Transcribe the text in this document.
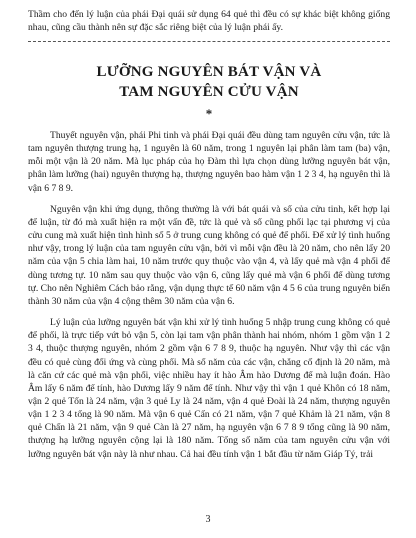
Thầm cho đến lý luận của phái Đại quái sử dụng 64 quẻ thì đều có sự khác biệt không giống nhau, cũng cầu thành nên sự đặc sắc riêng biệt của lý luận phái ấy.

LƯỠNG NGUYÊN BÁT VẬN VÀ
TAM NGUYÊN CỬU VẬN
*

Thuyết nguyên vận, phái Phi tinh và phái Đại quái đều dùng tam nguyên cửu vận, tức là tam nguyên thượng trung hạ, 1 nguyên là 60 năm, trong 1 nguyên lại phân làm tam (ba) vận, mỗi một vận là 20 năm. Mà lục pháp của họ Đàm thì lựa chọn dùng lưỡng nguyên bát vận, phân làm lưỡng (hai) nguyên thượng hạ, thượng nguyên bao hàm vận 1 2 3 4, hạ nguyên thì là vận 6 7 8 9.

Nguyên vận khi ứng dụng, thông thường là với bát quái và số của cửu tinh, kết hợp lại để luận, từ đó mà xuất hiện ra một vấn đề, tức là quẻ và số cũng phối lạc tại phương vị của cửu cung mà xuất hiện tình hình số 5 ở trung cung không có quẻ để phối. Để xử lý tình huống như vậy, trong lý luận của tam nguyên cửu vận, bởi vì mỗi vận đều là 20 năm, cho nên lấy 20 năm của vận 5 chia làm hai, 10 năm trước quy thuộc vào vận 4, và lấy quẻ mà vận 4 phối để dùng tương tự. 10 năm sau quy thuộc vào vận 6, cũng lấy quẻ mà vận 6 phối để dùng tương tự. Cho nên Nghiêm Cách bảo rằng, vận dụng thực tế 60 năm vận 4 5 6 của trung nguyên biến thành 30 năm của vận 4 cộng thêm 30 năm của vận 6.

Lý luận của lưỡng nguyên bát vận khi xử lý tình huống 5 nhập trung cung không có quẻ để phối, là trực tiếp vứt bỏ vận 5, còn lại tam vận phân thành hai nhóm, nhóm 1 gồm vận 1 2 3 4, thuộc thượng nguyên, nhóm 2 gồm vận 6 7 8 9, thuộc hạ nguyên. Như vậy thì các vận đều có quẻ cùng đối ứng và cùng phối. Mà số năm của các vận, chẳng cố định là 20 năm, mà là căn cứ các quẻ mà vận phối, việc nhiều hay ít hào Âm hào Dương để mà luận đoán. Hào Âm lấy 6 năm để tính, hào Dương lấy 9 năm để tính. Như vậy thì vận 1 quẻ Khôn có 18 năm, vận 2 quẻ Tốn là 24 năm, vận 3 quẻ Ly là 24 năm, vận 4 quẻ Đoài là 24 năm, thượng nguyên vận 1 2 3 4 tổng là 90 năm. Mà vận 6 quẻ Cấn có 21 năm, vận 7 quẻ Khảm là 21 năm, vận 8 quẻ Chấn là 21 năm, vận 9 quẻ Càn là 27 năm, hạ nguyên vận 6 7 8 9 tổng cũng là 90 năm, thượng hạ lưỡng nguyên cộng lại là 180 năm. Tổng số năm của tam nguyên cửu vận với lưỡng nguyên bát vận này là như nhau. Cả hai đều tính vận 1 bắt đầu từ năm Giáp Tý, trải

3
